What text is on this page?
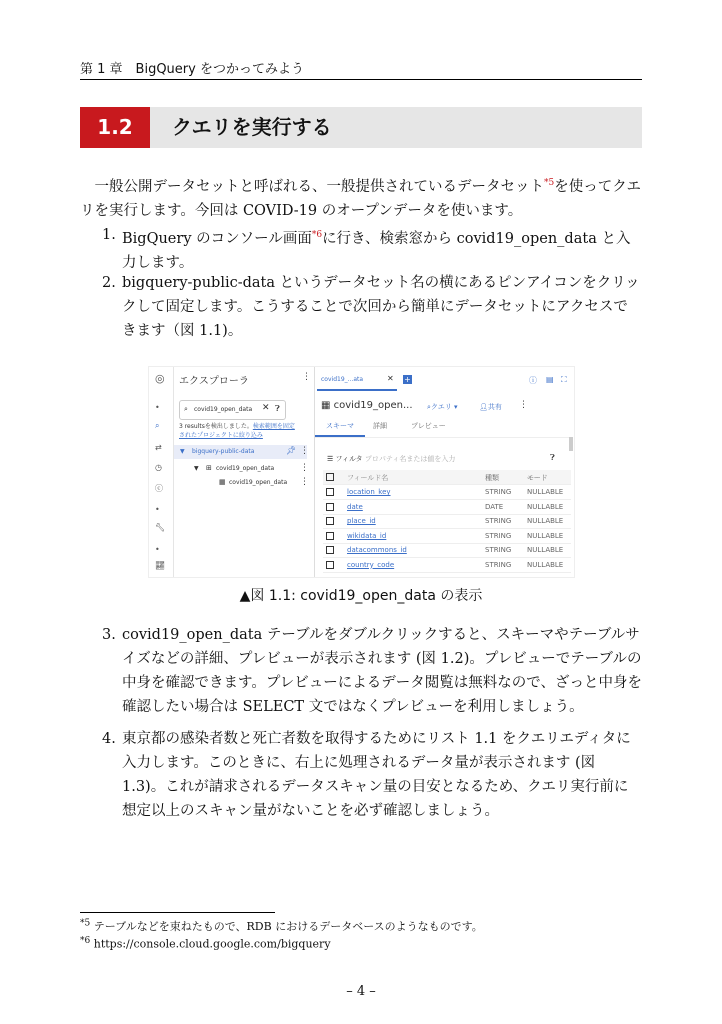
第 1 章　BigQuery をつかってみよう
1.2	クエリを実行する
一般公開データセットと呼ばれる、一般提供されているデータセット$^{*5}$を使ってクエリを実行します。今回は COVID-19 のオープンデータを使います。
1. BigQuery のコンソール画面$^{*6}$に行き、検索窓から covid19_open_data と入力します。
2. bigquery-public-data というデータセット名の横にあるピンアイコンをクリックして固定します。こうすることで次回から簡単にデータセットにアクセスできます（図 1.1)。
◎
•
⌕
⇄
◷
ⓒ
•
🔧︎
•
📈︎
エクスプローラ	⋮
⌕ covid19_open_data ✕ ❓︎
3 resultsを検出しました。検索範囲を固定されたプロジェクトに絞り込み
▼ bigquery-public-data	📌︎ ⋮
▼ ⊞ covid19_open_data	⋮
▦ covid19_open_data ⋮
covid19_...ata	✕ +	ⓘ ▤ ⛶
▦ covid19_open... ⌕クエリ ▾	👤︎共有 ⋮
スキーマ	詳細	プレビュー
☰ フィルタ プロパティ名または値を入力	❓︎
フィールド名	種類	モード
location_key	STRING NULLABLE
date	DATE	NULLABLE
place_id	STRING NULLABLE
wikidata_id	STRING NULLABLE
datacommons_id	STRING NULLABLE
country_code	STRING NULLABLE
▲図 1.1: covid19_open_data の表示
3. covid19_open_data テーブルをダブルクリックすると、スキーマやテーブルサイズなどの詳細、プレビューが表示されます (図 1.2)。プレビューでテーブルの中身を確認できます。プレビューによるデータ閲覧は無料なので、ざっと中身を確認したい場合は SELECT 文ではなくプレビューを利用しましょう。
4. 東京都の感染者数と死亡者数を取得するためにリスト 1.1 をクエリエディタに入力します。このときに、右上に処理されるデータ量が表示されます (図 1.3)。これが請求されるデータスキャン量の目安となるため、クエリ実行前に想定以上のスキャン量がないことを必ず確認しましょう。
$^{*5}$ テーブルなどを束ねたもので、RDB におけるデータベースのようなものです。
$^{*6}$ https://console.cloud.google.com/bigquery
– 4 –
